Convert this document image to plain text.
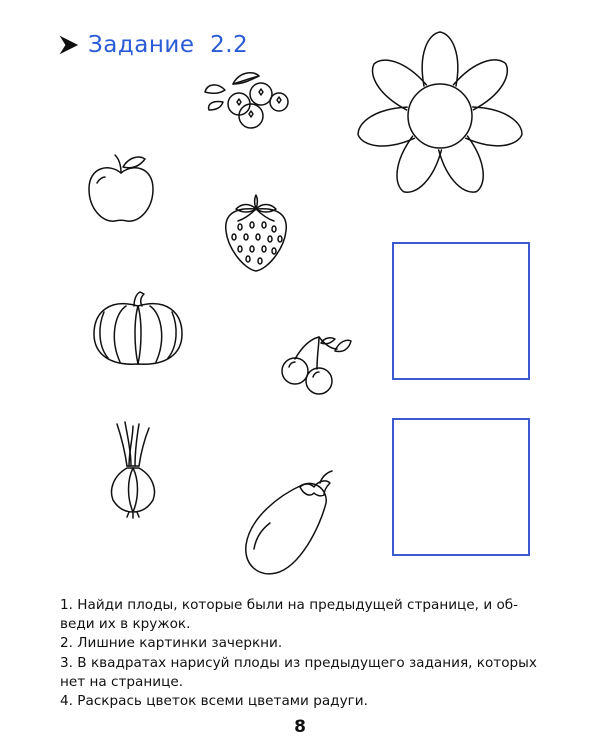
Задание  2.2
1. Найди плоды, которые были на предыдущей странице, и об-
веди их в кружок.
2. Лишние картинки зачеркни.
3. В квадратах нарисуй плоды из предыдущего задания, которых
нет на странице.
4. Раскрась цветок всеми цветами радуги.
8
